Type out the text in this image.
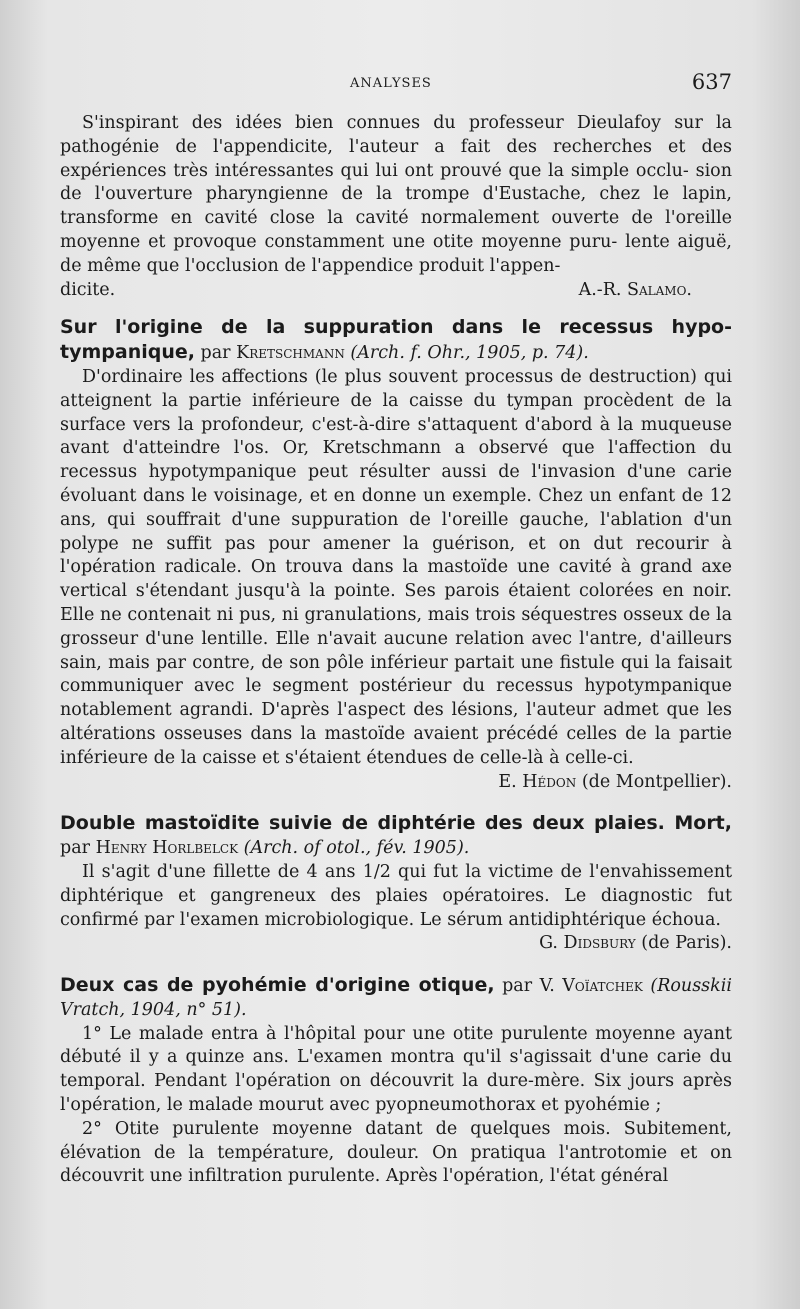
ANALYSES	637

S'inspirant des idées bien connues du professeur Dieulafoy sur la pathogénie de l'appendicite, l'auteur a fait des recherches et des expériences très intéressantes qui lui ont prouvé que la simple occlu- sion de l'ouverture pharyngienne de la trompe d'Eustache, chez le lapin, transforme en cavité close la cavité normalement ouverte de l'oreille moyenne et provoque constamment une otite moyenne puru- lente aiguë, de même que l'occlusion de l'appendice produit l'appen-

dicite.	A.-R. Salamo.
Sur l'origine de la suppuration dans le recessus hypo-tympanique, par Kretschmann (Arch. f. Ohr., 1905, p. 74).

D'ordinaire les affections (le plus souvent processus de destruction) qui atteignent la partie inférieure de la caisse du tympan procèdent de la surface vers la profondeur, c'est-à-dire s'attaquent d'abord à la muqueuse avant d'atteindre l'os. Or, Kretschmann a observé que l'affection du recessus hypotympanique peut résulter aussi de l'invasion d'une carie évoluant dans le voisinage, et en donne un exemple. Chez un enfant de 12 ans, qui souffrait d'une suppuration de l'oreille gauche, l'ablation d'un polype ne suffit pas pour amener la guérison, et on dut recourir à l'opération radicale. On trouva dans la mastoïde une cavité à grand axe vertical s'étendant jusqu'à la pointe. Ses parois étaient colorées en noir. Elle ne contenait ni pus, ni granulations, mais trois séquestres osseux de la grosseur d'une lentille. Elle n'avait aucune relation avec l'antre, d'ailleurs sain, mais par contre, de son pôle inférieur partait une fistule qui la faisait communiquer avec le segment postérieur du recessus hypotympanique notablement agrandi. D'après l'aspect des lésions, l'auteur admet que les altérations osseuses dans la mastoïde avaient précédé celles de la partie inférieure de la caisse et s'étaient étendues de celle-là à celle-ci.

E. Hédon (de Montpellier).
Double mastoïdite suivie de diphtérie des deux plaies. Mort, par Henry Horlbelck (Arch. of otol., fév. 1905).

Il s'agit d'une fillette de 4 ans 1/2 qui fut la victime de l'envahissement diphtérique et gangreneux des plaies opératoires. Le diagnostic fut confirmé par l'examen microbiologique. Le sérum antidiphtérique échoua.

G. Didsbury (de Paris).
Deux cas de pyohémie d'origine otique, par V. Voïatchek (Rousskii Vratch, 1904, n° 51).

1° Le malade entra à l'hôpital pour une otite purulente moyenne ayant débuté il y a quinze ans. L'examen montra qu'il s'agissait d'une carie du temporal. Pendant l'opération on découvrit la dure-mère. Six jours après l'opération, le malade mourut avec pyopneumothorax et pyohémie ;

2° Otite purulente moyenne datant de quelques mois. Subitement, élévation de la température, douleur. On pratiqua l'antrotomie et on découvrit une infiltration purulente. Après l'opération, l'état général
